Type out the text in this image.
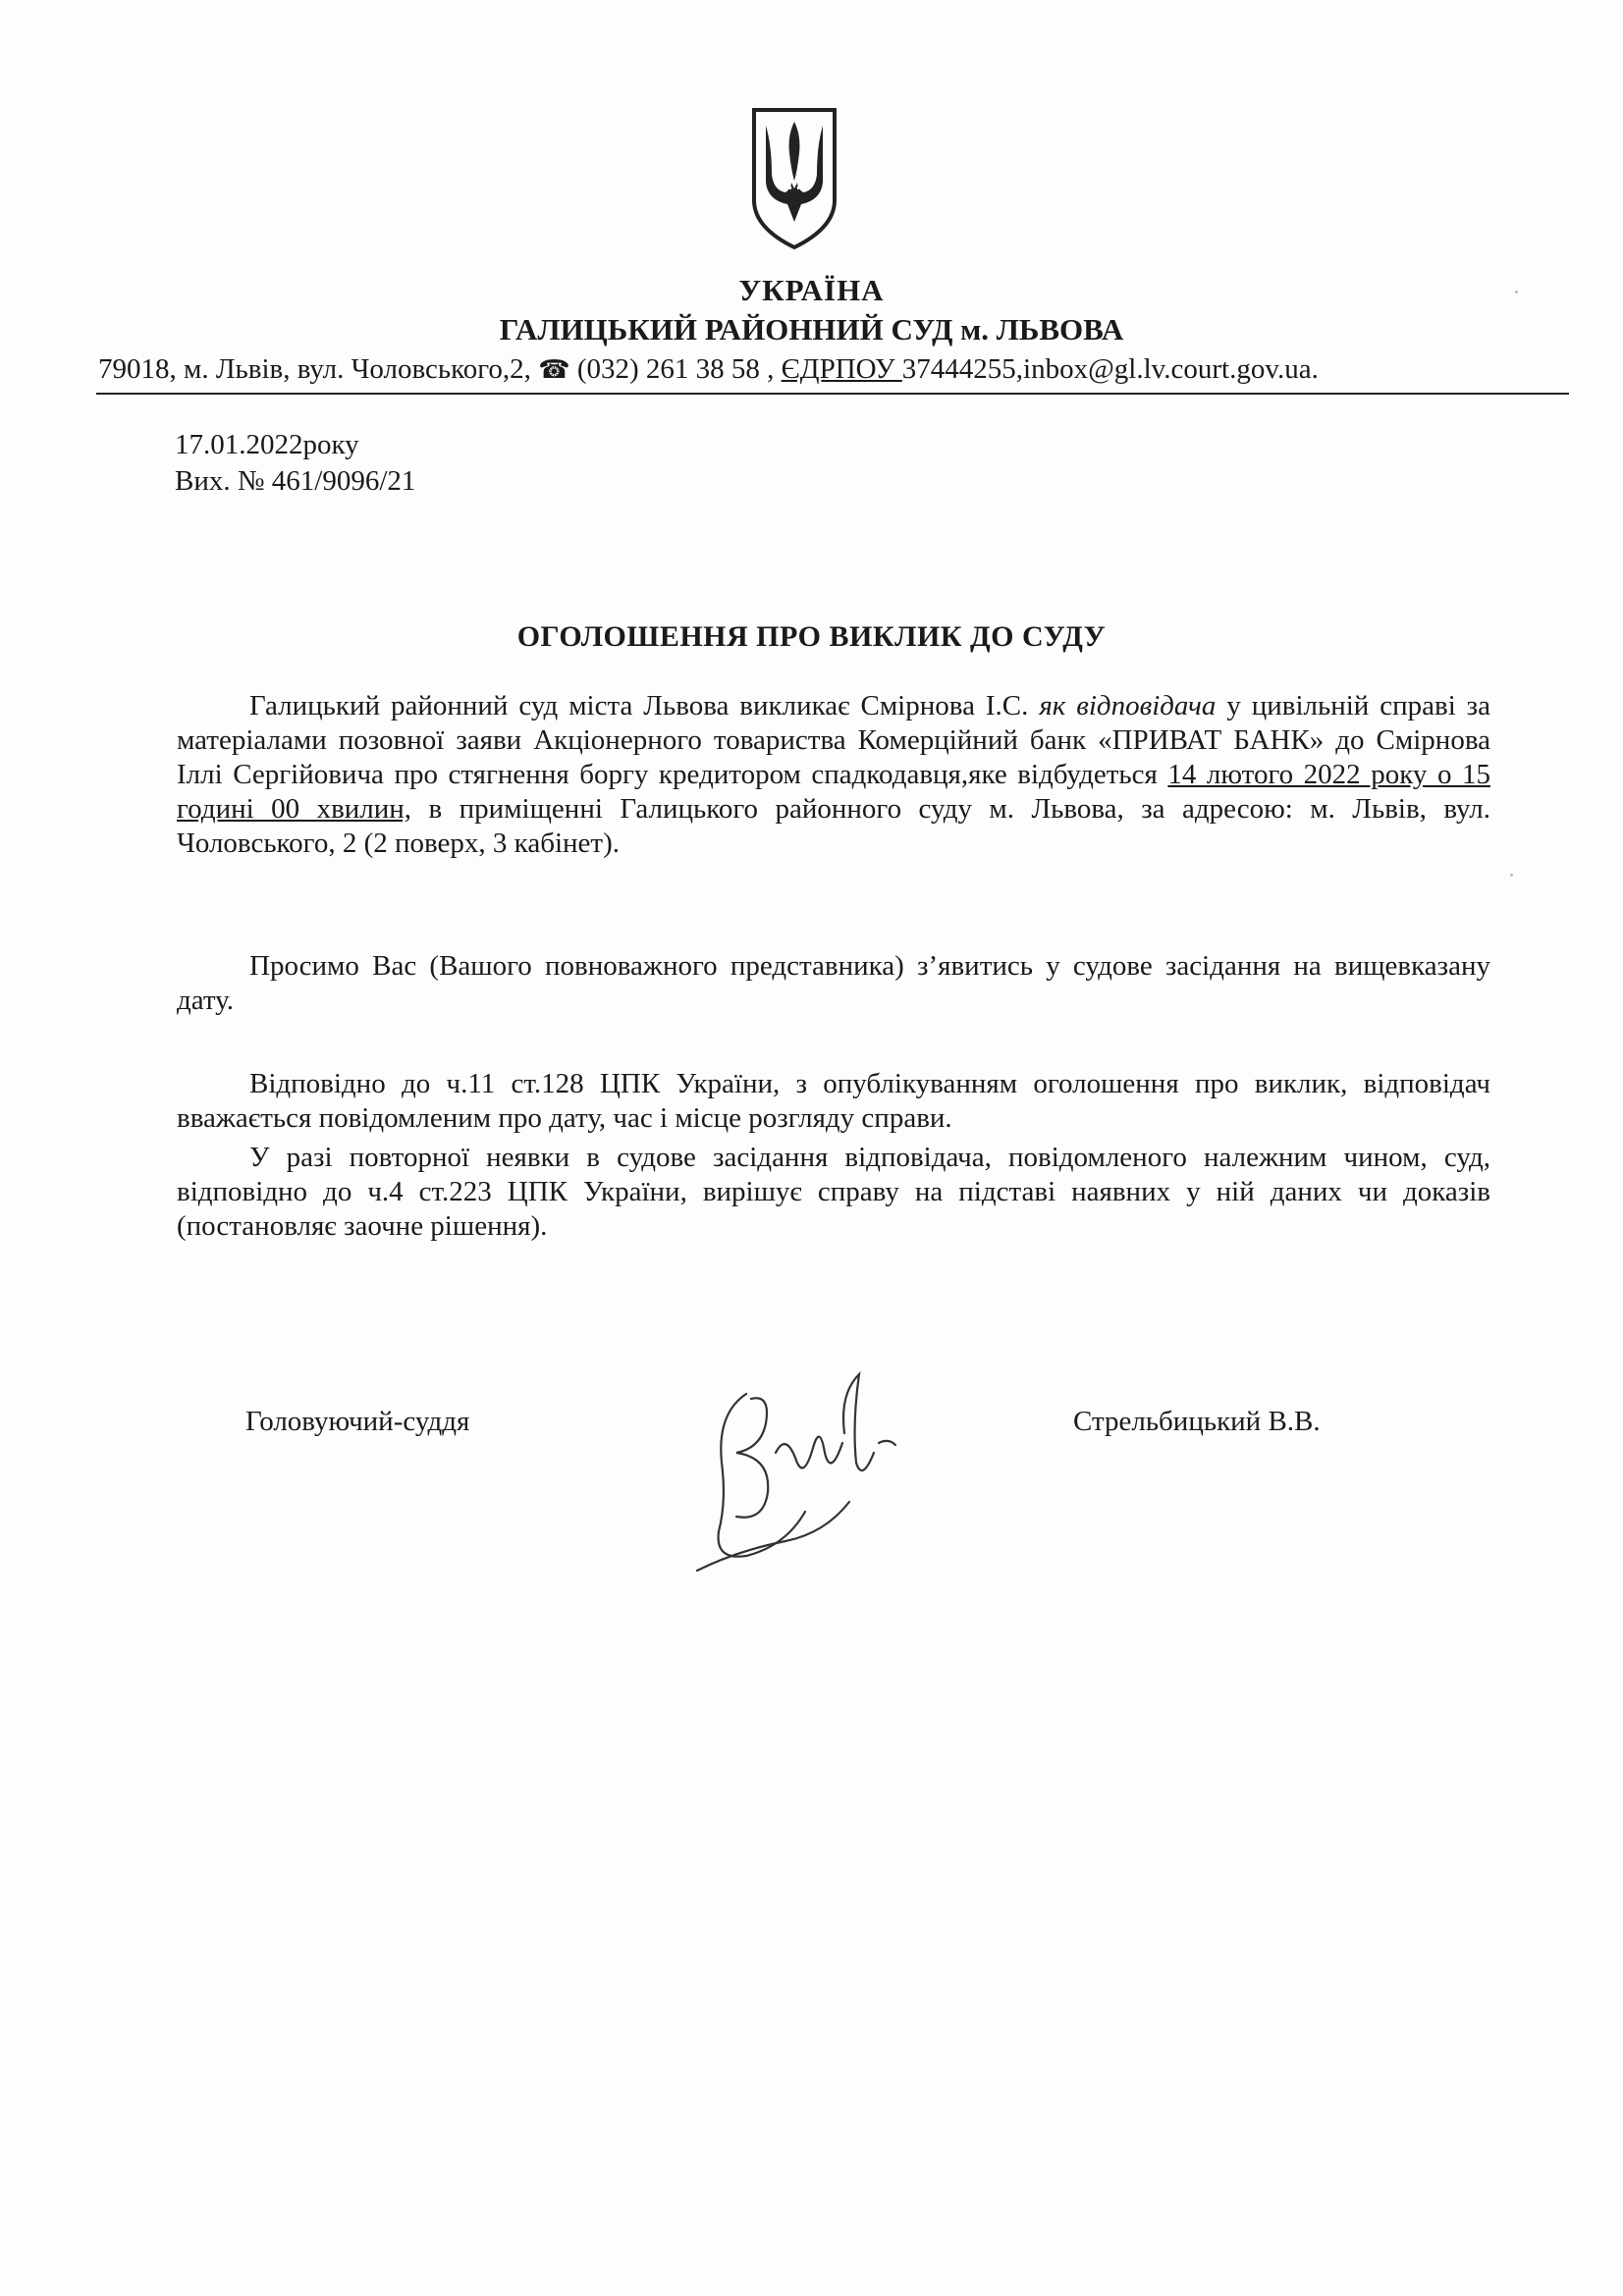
УКРАЇНА
ГАЛИЦЬКИЙ РАЙОННИЙ СУД м. ЛЬВОВА
79018, м. Львів, вул. Чоловського,2, ☎ (032) 261 38 58 , ЄДРПОУ 37444255,inbox@gl.lv.court.gov.ua.
17.01.2022року
Вих. № 461/9096/21
ОГОЛОШЕННЯ ПРО ВИКЛИК ДО СУДУ

Галицький районний суд міста Львова викликає Смірнова І.С. як відповідача у цивільній справі за матеріалами позовної заяви Акціонерного товариства Комерційний банк «ПРИВАТ БАНК» до Смірнова Іллі Сергійовича про стягнення боргу кредитором спадкодавця,яке відбудеться 14 лютого 2022 року о 15 годині 00 хвилин, в приміщенні Галицького районного суду м. Львова, за адресою: м. Львів, вул. Чоловського, 2 (2 поверх, 3 кабінет).

Просимо Вас (Вашого повноважного представника) з’явитись у судове засідання на вищевказану дату.

Відповідно до ч.11 ст.128 ЦПК України, з опублікуванням оголошення про виклик, відповідач вважається повідомленим про дату, час і місце розгляду справи.

У разі повторної неявки в судове засідання відповідача, повідомленого належним чином, суд, відповідно до ч.4 ст.223 ЦПК України, вирішує справу на підставі наявних у ній даних чи доказів (постановляє заочне рішення).

Головуючий-суддя	Стрельбицький В.В.
